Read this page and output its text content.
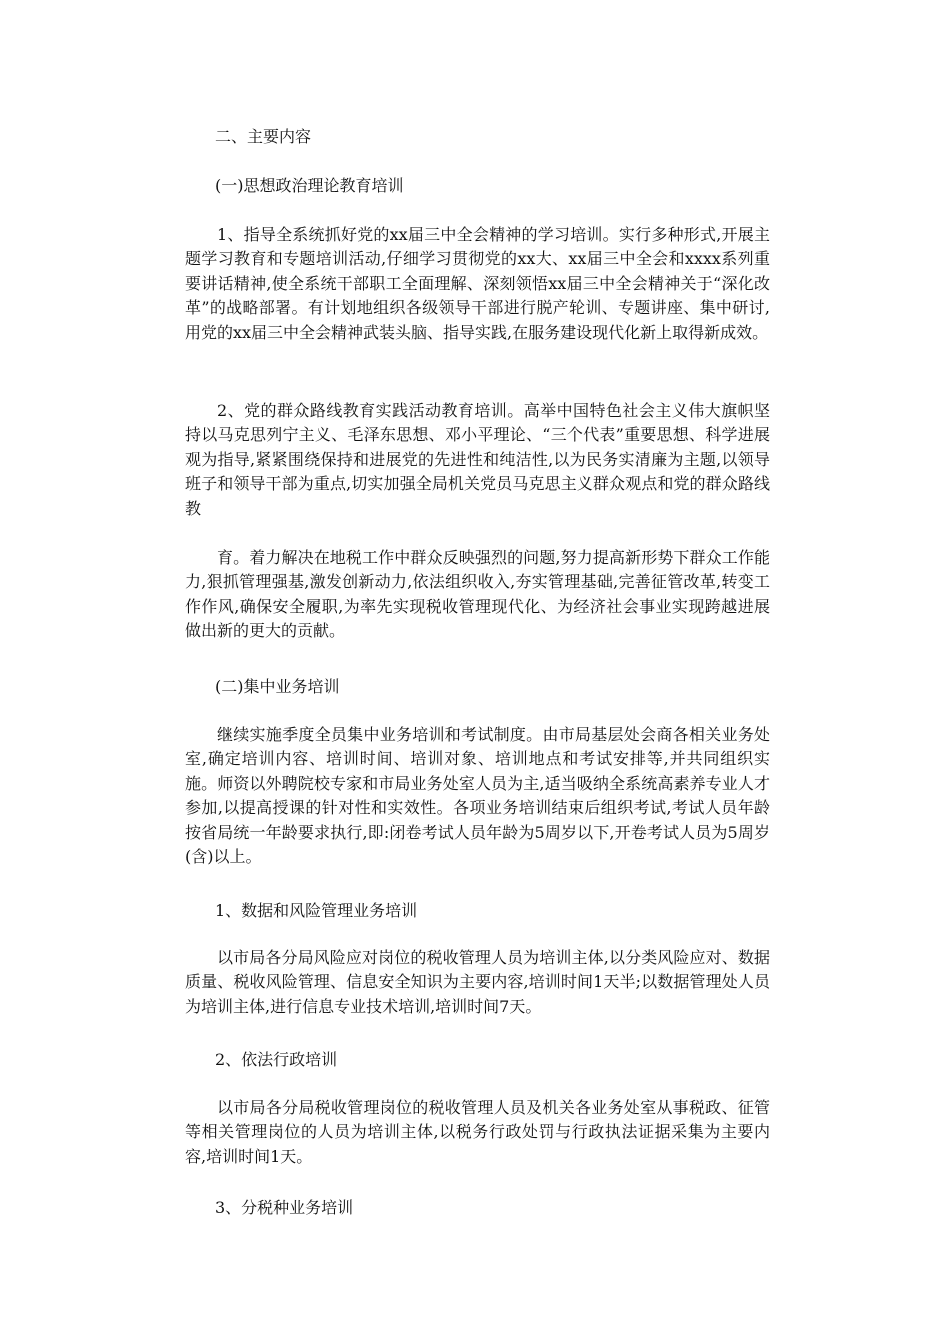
二、主要内容
(一)思想政治理论教育培训

1、指导全系统抓好党的xx届三中全会精神的学习培训。实行多种形式,开展主题学习教育和专题培训活动,仔细学习贯彻党的xx大、xx届三中全会和xxxx系列重要讲话精神,使全系统干部职工全面理解、深刻领悟xx届三中全会精神关于“深化改革”的战略部署。有计划地组织各级领导干部进行脱产轮训、专题讲座、集中研讨,用党的xx届三中全会精神武装头脑、指导实践,在服务建设现代化新上取得新成效。

2、党的群众路线教育实践活动教育培训。高举中国特色社会主义伟大旗帜坚持以马克思列宁主义、毛泽东思想、邓小平理论、“三个代表”重要思想、科学进展观为指导,紧紧围绕保持和进展党的先进性和纯洁性,以为民务实清廉为主题,以领导班子和领导干部为重点,切实加强全局机关党员马克思主义群众观点和党的群众路线教

育。着力解决在地税工作中群众反映强烈的问题,努力提高新形势下群众工作能力,狠抓管理强基,激发创新动力,依法组织收入,夯实管理基础,完善征管改革,转变工作作风,确保安全履职,为率先实现税收管理现代化、为经济社会事业实现跨越进展做出新的更大的贡献。

(二)集中业务培训

继续实施季度全员集中业务培训和考试制度。由市局基层处会商各相关业务处室,确定培训内容、培训时间、培训对象、培训地点和考试安排等,并共同组织实施。师资以外聘院校专家和市局业务处室人员为主,适当吸纳全系统高素养专业人才参加,以提高授课的针对性和实效性。各项业务培训结束后组织考试,考试人员年龄按省局统一年龄要求执行,即:闭卷考试人员年龄为5周岁以下,开卷考试人员为5周岁(含)以上。

1、数据和风险管理业务培训

以市局各分局风险应对岗位的税收管理人员为培训主体,以分类风险应对、数据质量、税收风险管理、信息安全知识为主要内容,培训时间1天半;以数据管理处人员为培训主体,进行信息专业技术培训,培训时间7天。

2、依法行政培训

以市局各分局税收管理岗位的税收管理人员及机关各业务处室从事税政、征管等相关管理岗位的人员为培训主体,以税务行政处罚与行政执法证据采集为主要内容,培训时间1天。

3、分税种业务培训
